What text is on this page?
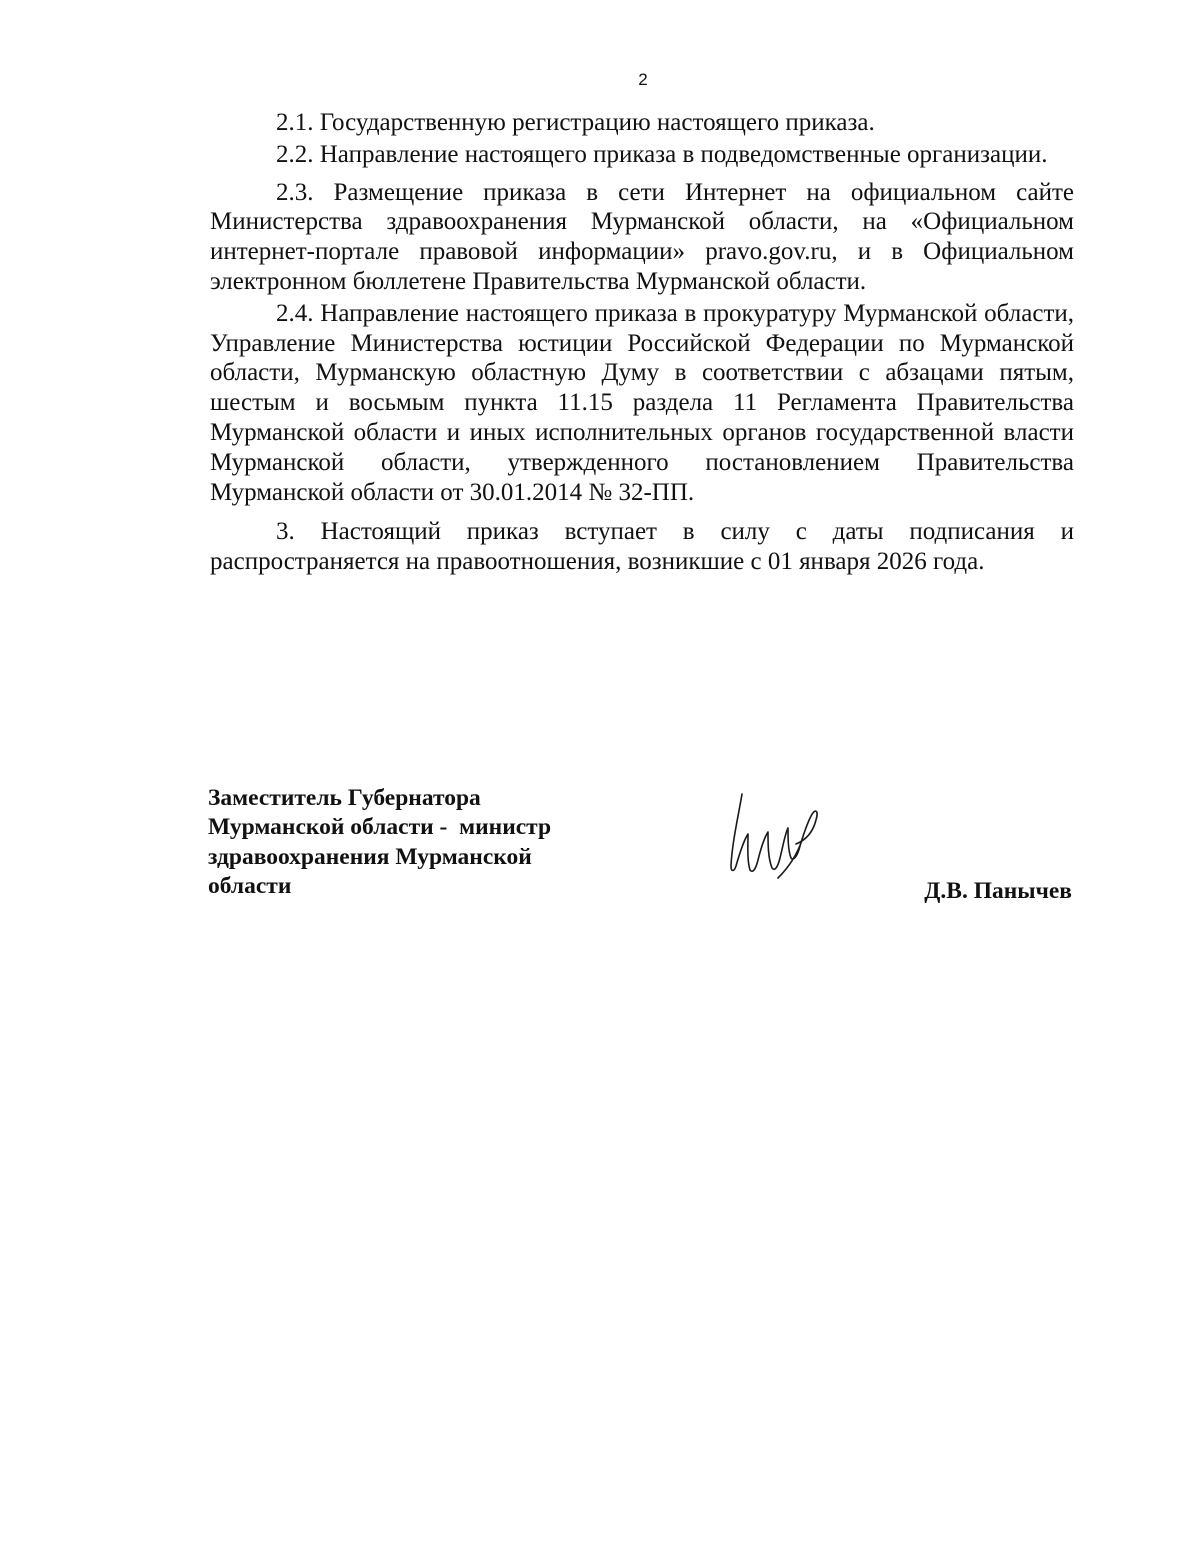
2

2.1. Государственную регистрацию настоящего приказа.

2.2. Направление настоящего приказа в подведомственные организации.

2.3. Размещение приказа в сети Интернет на официальном сайте Министерства здравоохранения Мурманской области, на «Официальном интернет-портале правовой информации» pravo.gov.ru, и в Официальном электронном бюллетене Правительства Мурманской области.

2.4. Направление настоящего приказа в прокуратуру Мурманской области, Управление Министерства юстиции Российской Федерации по Мурманской области, Мурманскую областную Думу в соответствии с абзацами пятым, шестым и восьмым пункта 11.15 раздела 11 Регламента Правительства Мурманской области и иных исполнительных органов государственной власти Мурманской области, утвержденного постановлением Правительства Мурманской области от 30.01.2014 № 32-ПП.

3. Настоящий приказ вступает в силу с даты подписания и распространяется на правоотношения, возникшие с 01 января 2026 года.

Заместитель Губернатора
Мурманской области -  министр
здравоохранения Мурманской
области	Д.В. Панычев
